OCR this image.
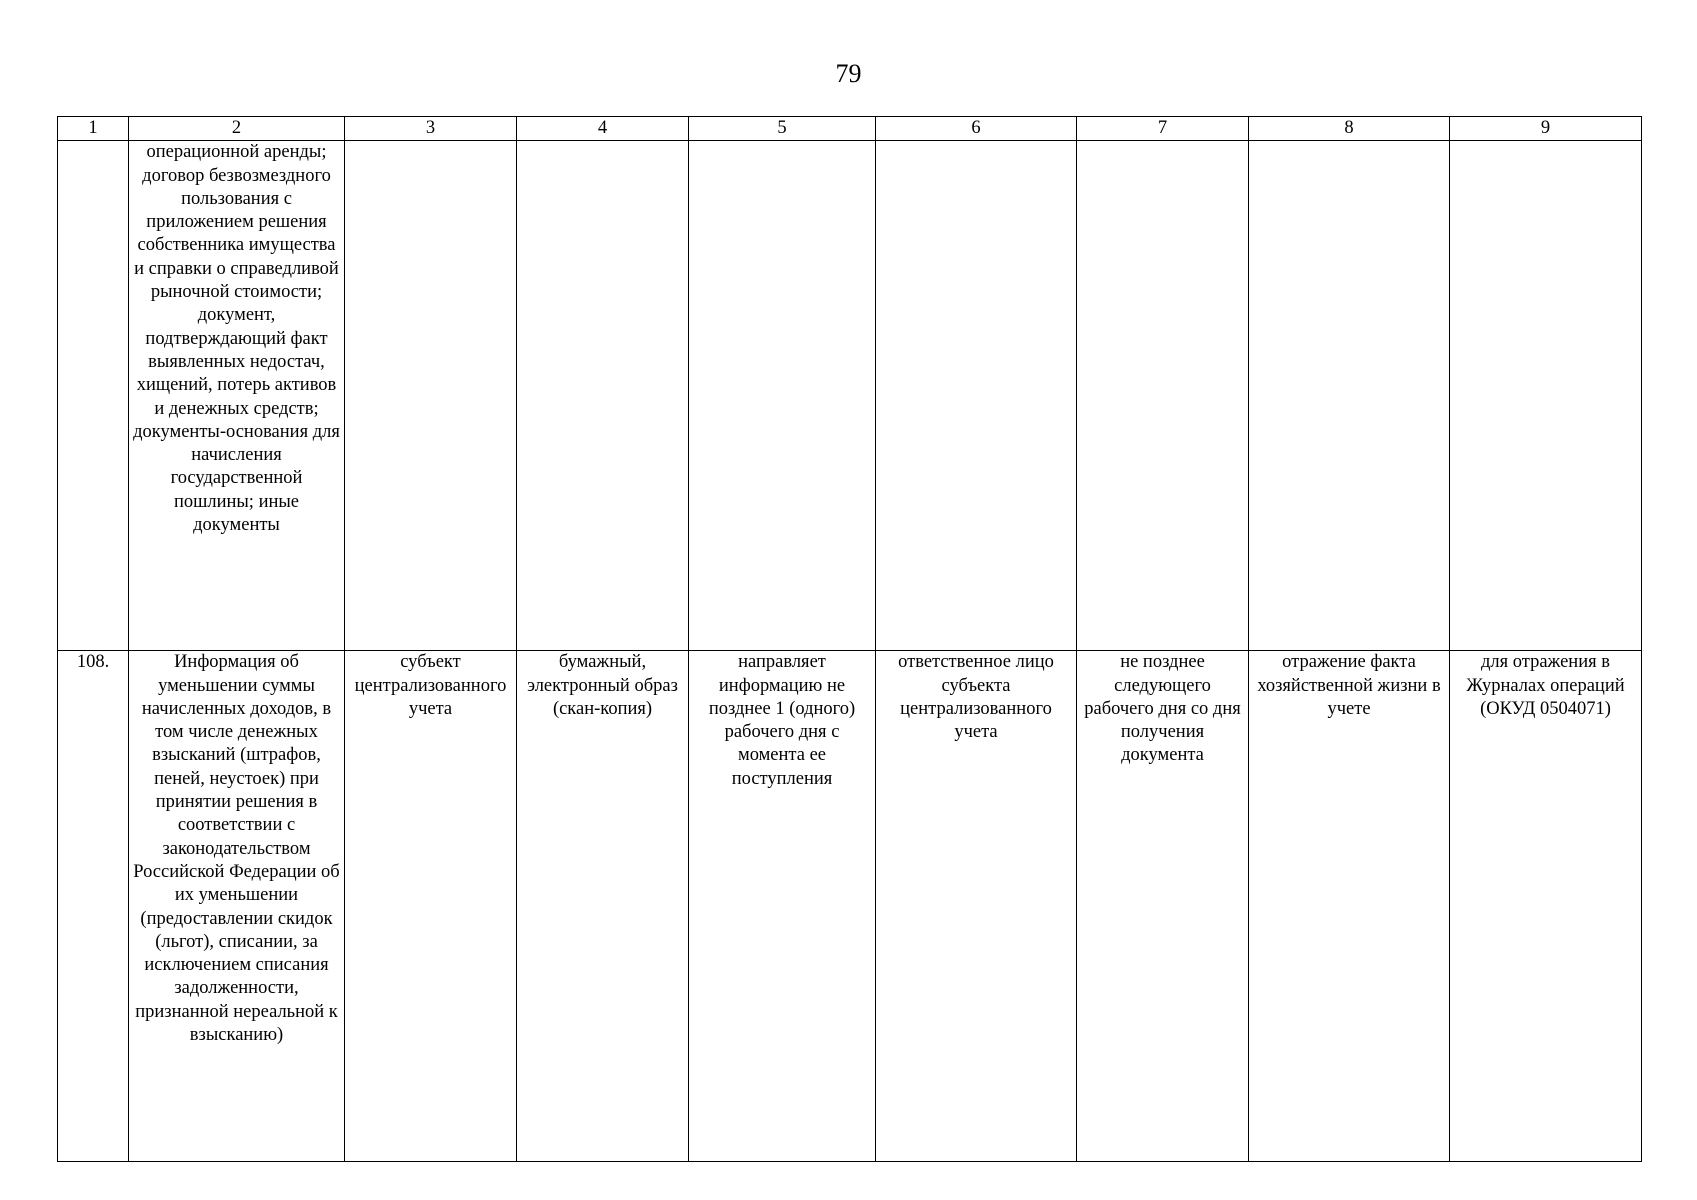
79
1	2	3	4	5	6	7	8	9
	операционной аренды; договор безвозмездного пользования с приложением решения собственника имущества и справки о справедливой рыночной стоимости; документ, подтверждающий факт выявленных недостач, хищений, потерь активов и денежных средств; документы-основания для начисления государственной пошлины; иные документы							
108.	Информация об уменьшении суммы начисленных доходов, в том числе денежных взысканий (штрафов, пеней, неустоек) при принятии решения в соответствии с законодательством Российской Федерации об их уменьшении (предоставлении скидок (льгот), списании, за исключением списания задолженности, признанной нереальной к взысканию)	субъект централизованного учета	бумажный, электронный образ (скан-копия)	направляет информацию не позднее 1 (одного) рабочего дня с момента ее поступления	ответственное лицо субъекта централизованного учета	не позднее следующего рабочего дня со дня получения документа	отражение факта хозяйственной жизни в учете	для отражения в Журналах операций (ОКУД 0504071)
